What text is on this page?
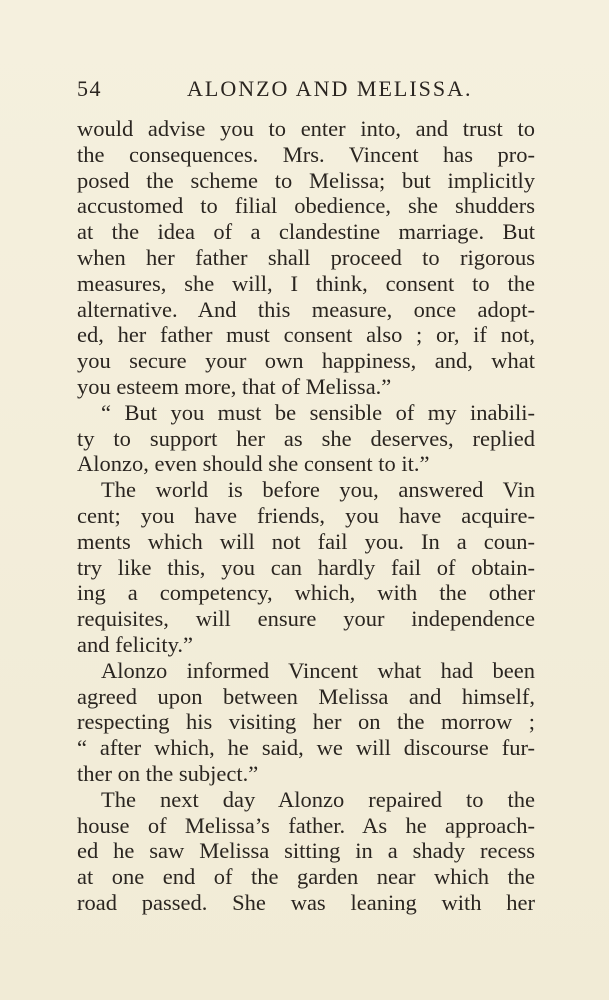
54	ALONZO AND MELISSA.
would advise you to enter into, and trust to
the consequences. Mrs. Vincent has pro-
posed the scheme to Melissa; but implicitly
accustomed to filial obedience, she shudders
at the idea of a clandestine marriage. But
when her father shall proceed to rigorous
measures, she will, I think, consent to the
alternative. And this measure, once adopt-
ed, her father must consent also ; or, if not,
you secure your own happiness, and, what
you esteem more, that of Melissa.”
“ But you must be sensible of my inabili-
ty to support her as she deserves, replied
Alonzo, even should she consent to it.”
The world is before you, answered Vin
cent; you have friends, you have acquire-
ments which will not fail you. In a coun-
try like this, you can hardly fail of obtain-
ing a competency, which, with the other
requisites, will ensure your independence
and felicity.”
Alonzo informed Vincent what had been
agreed upon between Melissa and himself,
respecting his visiting her on the morrow ;
“ after which, he said, we will discourse fur-
ther on the subject.”
The next day Alonzo repaired to the
house of Melissa’s father. As he approach-
ed he saw Melissa sitting in a shady recess
at one end of the garden near which the
road passed. She was leaning with her
